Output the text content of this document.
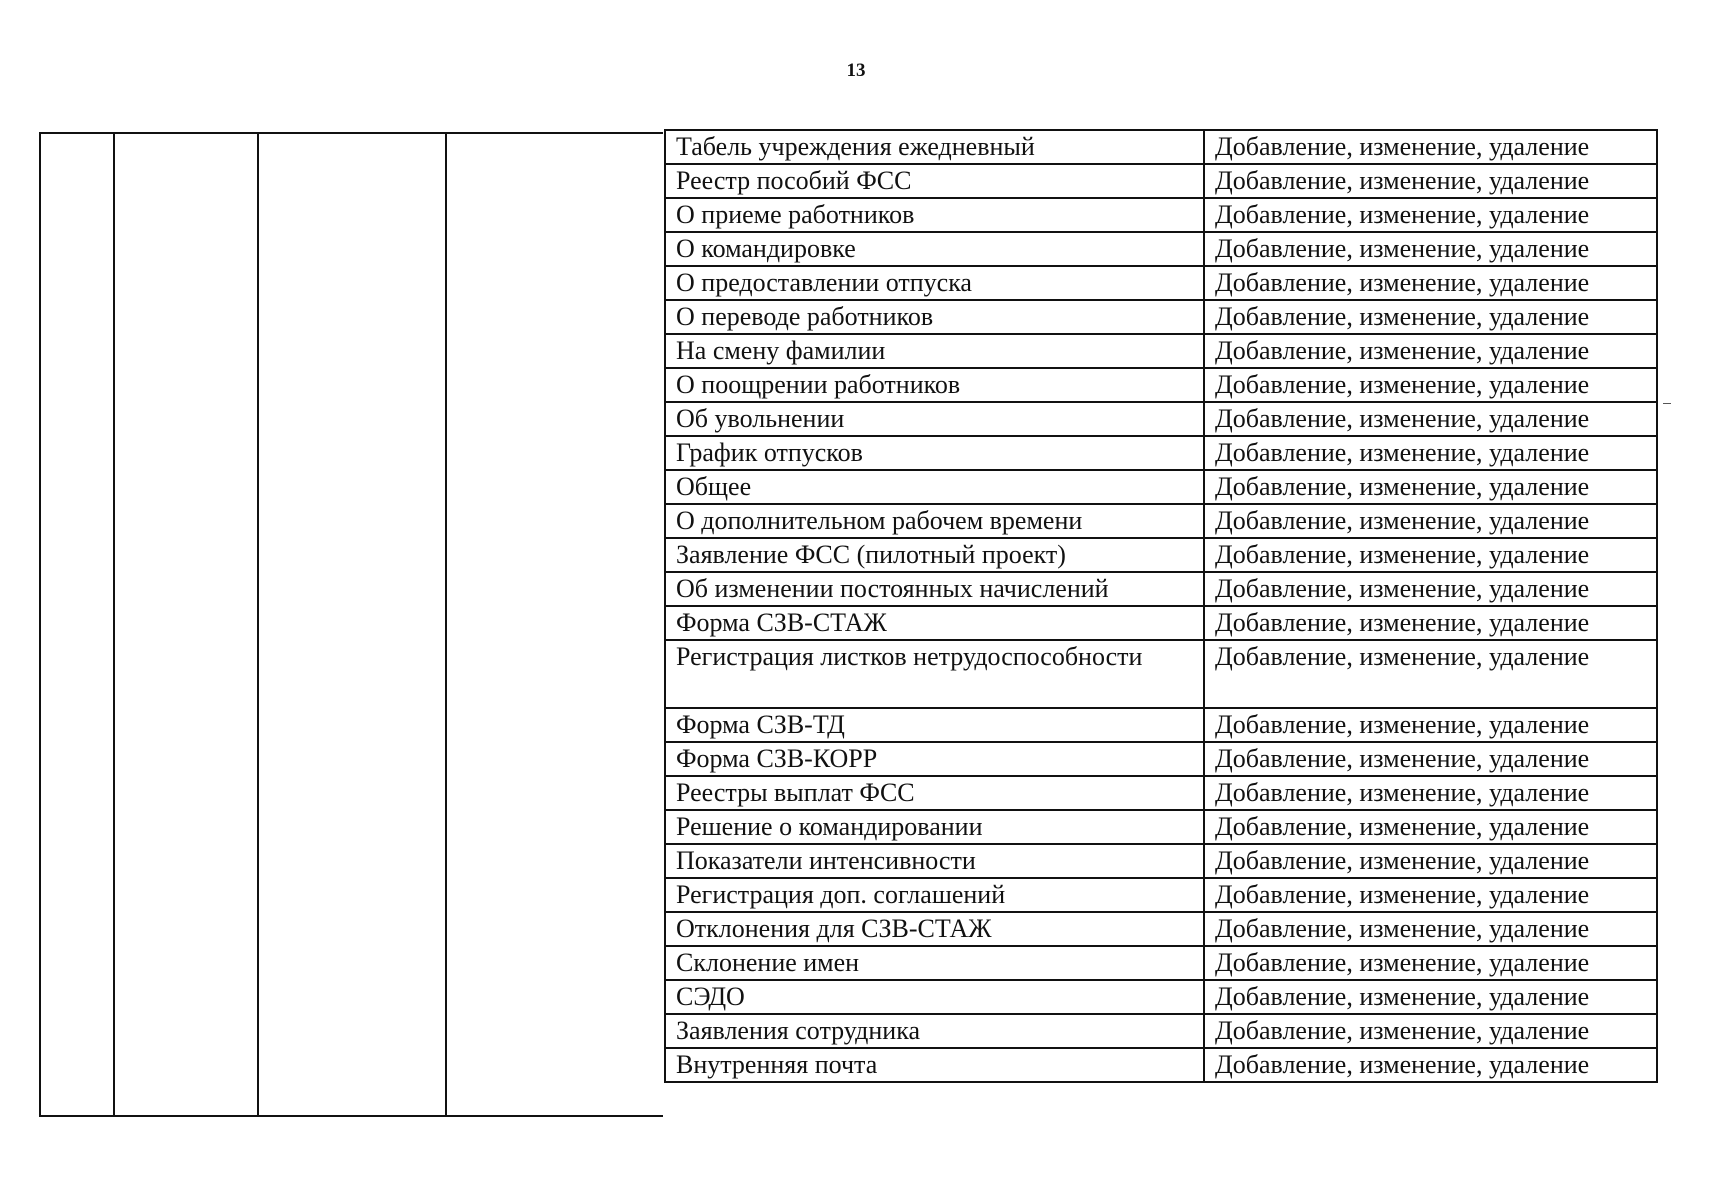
13
Табель учреждения ежедневный	Добавление, изменение, удаление
Реестр пособий ФСС	Добавление, изменение, удаление
О приеме работников	Добавление, изменение, удаление
О командировке	Добавление, изменение, удаление
О предоставлении отпуска	Добавление, изменение, удаление
О переводе работников	Добавление, изменение, удаление
На смену фамилии	Добавление, изменение, удаление
О поощрении работников	Добавление, изменение, удаление
Об увольнении	Добавление, изменение, удаление
График отпусков	Добавление, изменение, удаление
Общее	Добавление, изменение, удаление
О дополнительном рабочем времени	Добавление, изменение, удаление
Заявление ФСС (пилотный проект)	Добавление, изменение, удаление
Об изменении постоянных начислений	Добавление, изменение, удаление
Форма СЗВ-СТАЖ	Добавление, изменение, удаление
Регистрация листков нетрудоспособности	Добавление, изменение, удаление
Форма СЗВ-ТД	Добавление, изменение, удаление
Форма СЗВ-КОРР	Добавление, изменение, удаление
Реестры выплат ФСС	Добавление, изменение, удаление
Решение о командировании	Добавление, изменение, удаление
Показатели интенсивности	Добавление, изменение, удаление
Регистрация доп. соглашений	Добавление, изменение, удаление
Отклонения для СЗВ-СТАЖ	Добавление, изменение, удаление
Склонение имен	Добавление, изменение, удаление
СЭДО	Добавление, изменение, удаление
Заявления сотрудника	Добавление, изменение, удаление
Внутренняя почта	Добавление, изменение, удаление
